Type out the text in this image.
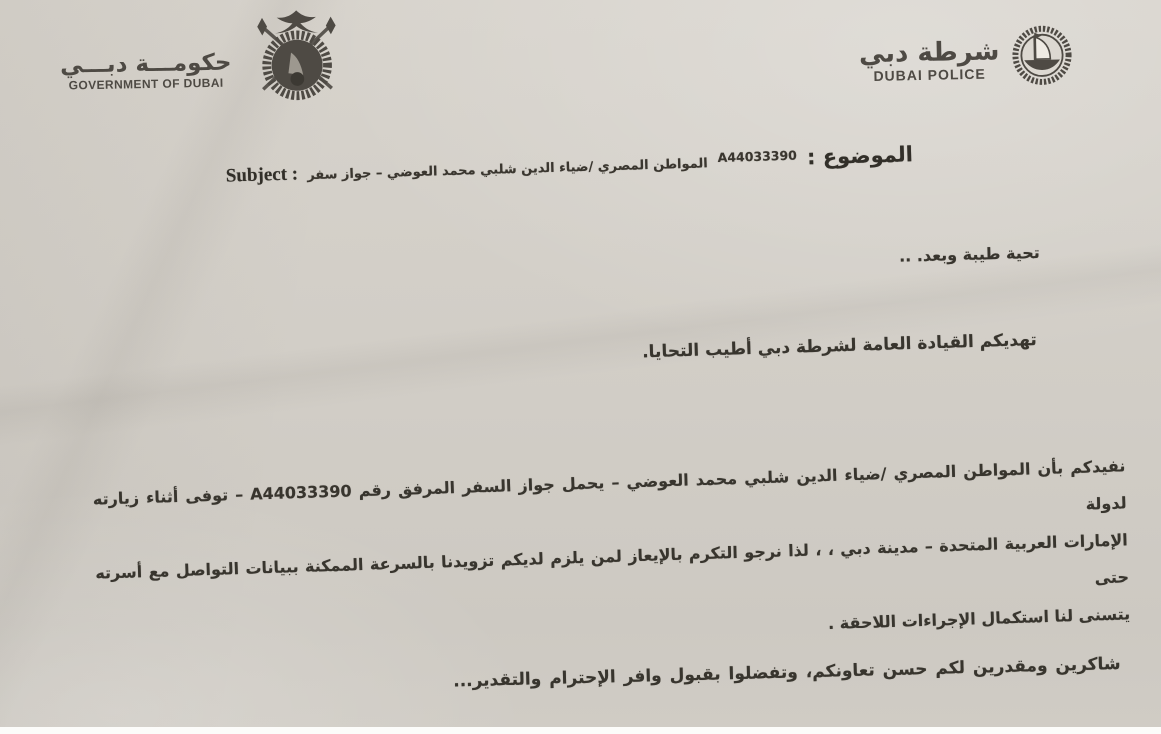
حكومـــة دبـــي
GOVERNMENT OF DUBAI
شرطة دبي
DUBAI POLICE
الموضوع : $^{A44033390}$ المواطن المصري /ضياء الدين شلبي محمد العوضي – جواز سفر Subject :
تحية طيبة وبعد. ..
تهديكم القيادة العامة لشرطة دبي أطيب التحايا.
نفيدكم بأن المواطن المصري /ضياء الدين شلبي محمد العوضي – يحمل جواز السفر المرفق رقم A44033390 – توفى أثناء زيارته لدولة
الإمارات العربية المتحدة – مدينة دبي ، ، لذا نرجو التكرم بالإيعاز لمن يلزم لديكم تزويدنا بالسرعة الممكنة ببيانات التواصل مع أسرته حتى
يتسنى لنا استكمال الإجراءات اللاحقة .
شاكرين ومقدرين لكم حسن تعاونكم، وتفضلوا بقبول وافر الإحترام والتقدير...
